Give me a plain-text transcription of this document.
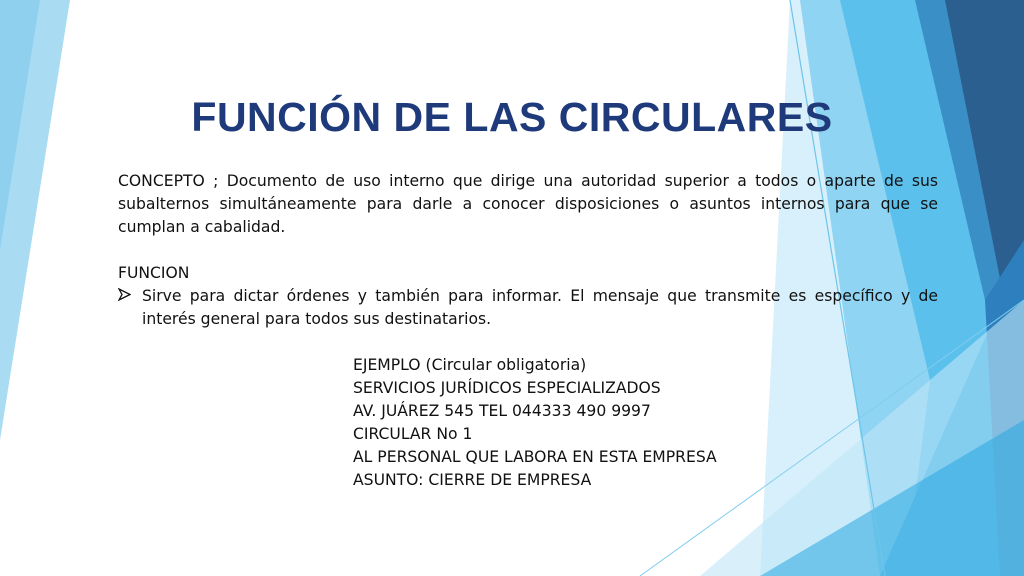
FUNCIÓN DE LAS CIRCULARES

CONCEPTO ; Documento de uso interno que dirige una autoridad superior a todos o aparte de sus subalternos simultáneamente para darle a conocer disposiciones o asuntos internos para que se cumplan a cabalidad.

FUNCION

Sirve para dictar órdenes y también para informar. El mensaje que transmite es específico y de interés general para todos sus destinatarios.
EJEMPLO (Circular obligatoria)
SERVICIOS JURÍDICOS ESPECIALIZADOS
AV. JUÁREZ 545 TEL 044333 490 9997
CIRCULAR No 1
AL PERSONAL QUE LABORA EN ESTA EMPRESA
ASUNTO: CIERRE DE EMPRESA
